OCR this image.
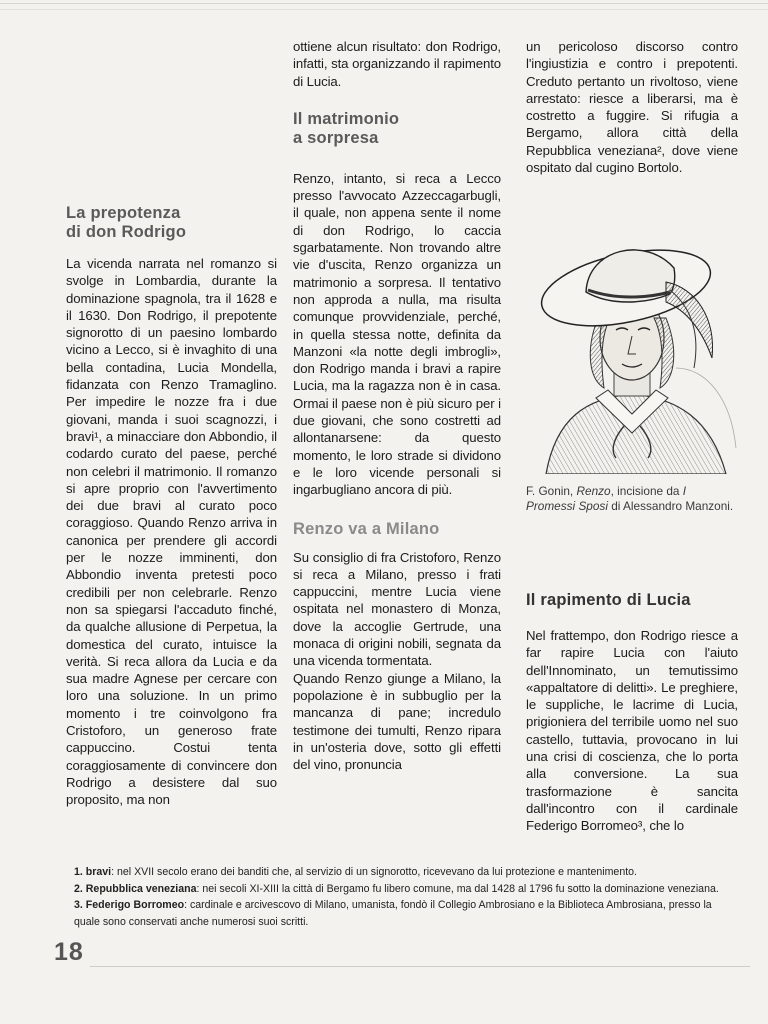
La prepotenza
di don Rodrigo

La vicenda narrata nel romanzo si svolge in Lombardia, durante la dominazione spagnola, tra il 1628 e il 1630. Don Rodrigo, il prepotente signorotto di un paesino lombardo vicino a Lecco, si è invaghito di una bella contadina, Lucia Mondella, fidanzata con Renzo Tramaglino. Per impedire le nozze fra i due giovani, manda i suoi scagnozzi, i bravi¹, a minacciare don Abbondio, il codardo curato del paese, perché non celebri il matrimonio. Il romanzo si apre proprio con l'avvertimento dei due bravi al curato poco coraggioso. Quando Renzo arriva in canonica per prendere gli accordi per le nozze imminenti, don Abbondio inventa pretesti poco credibili per non celebrarle. Renzo non sa spiegarsi l'accaduto finché, da qualche allusione di Perpetua, la domestica del curato, intuisce la verità. Si reca allora da Lucia e da sua madre Agnese per cercare con loro una soluzione. In un primo momento i tre coinvolgono fra Cristoforo, un generoso frate cappuccino. Costui tenta coraggiosamente di convincere don Rodrigo a desistere dal suo proposito, ma non

ottiene alcun risultato: don Rodrigo, infatti, sta organizzando il rapimento di Lucia.

Il matrimonio
a sorpresa

Renzo, intanto, si reca a Lecco presso l'avvocato Azzeccagarbugli, il quale, non appena sente il nome di don Rodrigo, lo caccia sgarbatamente. Non trovando altre vie d'uscita, Renzo organizza un matrimonio a sorpresa. Il tentativo non approda a nulla, ma risulta comunque provvidenziale, perché, in quella stessa notte, definita da Manzoni «la notte degli imbrogli», don Rodrigo manda i bravi a rapire Lucia, ma la ragazza non è in casa. Ormai il paese non è più sicuro per i due giovani, che sono costretti ad allontanarsene: da questo momento, le loro strade si dividono e le loro vicende personali si ingarbugliano ancora di più.

Renzo va a Milano

Su consiglio di fra Cristoforo, Renzo si reca a Milano, presso i frati cappuccini, mentre Lucia viene ospitata nel monastero di Monza, dove la accoglie Gertrude, una monaca di origini nobili, segnata da una vicenda tormentata.

Quando Renzo giunge a Milano, la popolazione è in subbuglio per la mancanza di pane; incredulo testimone dei tumulti, Renzo ripara in un'osteria dove, sotto gli effetti del vino, pronuncia

un pericoloso discorso contro l'ingiustizia e contro i prepotenti. Creduto pertanto un rivoltoso, viene arrestato: riesce a liberarsi, ma è costretto a fuggire. Si rifugia a Bergamo, allora città della Repubblica veneziana², dove viene ospitato dal cugino Bortolo.

F. Gonin, Renzo, incisione da I Promessi Sposi di Alessandro Manzoni.
Il rapimento di Lucia

Nel frattempo, don Rodrigo riesce a far rapire Lucia con l'aiuto dell'Innominato, un temutissimo «appaltatore di delitti». Le preghiere, le suppliche, le lacrime di Lucia, prigioniera del terribile uomo nel suo castello, tuttavia, provocano in lui una crisi di coscienza, che lo porta alla conversione. La sua trasformazione è sancita dall'incontro con il cardinale Federigo Borromeo³, che lo

1. bravi: nel XVII secolo erano dei banditi che, al servizio di un signorotto, ricevevano da lui protezione e mantenimento.

2. Repubblica veneziana: nei secoli XI-XIII la città di Bergamo fu libero comune, ma dal 1428 al 1796 fu sotto la dominazione veneziana.

3. Federigo Borromeo: cardinale e arcivescovo di Milano, umanista, fondò il Collegio Ambrosiano e la Biblioteca Ambrosiana, presso la quale sono conservati anche numerosi suoi scritti.

18
